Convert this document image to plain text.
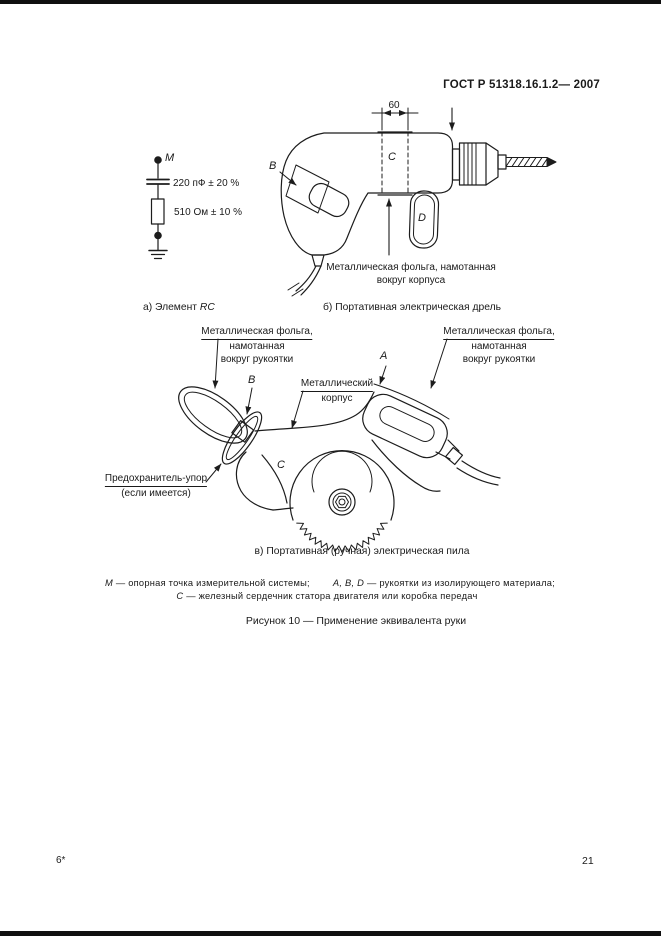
ГОСТ Р 51318.16.1.2— 2007
M
220 пФ ± 20 %
510 Ом ± 10 %
а) Элемент RC
60
B
C
D
Металлическая фольга, намотанная
вокруг корпуса
б) Портативная электрическая дрель
Металлическая фольга,
намотанная
вокруг рукоятки
Металлическая фольга,
намотанная
вокруг рукоятки
A
B
C
Металлический
корпус
Предохранитель-упор
(если имеется)
в) Портативная (ручная) электрическая пила
M — опорная точка измерительной системы; A, B, D — рукоятки из изолирующего материала;
C — железный сердечник статора двигателя или коробка передач
Рисунок 10 — Применение эквивалента руки
6*	21
